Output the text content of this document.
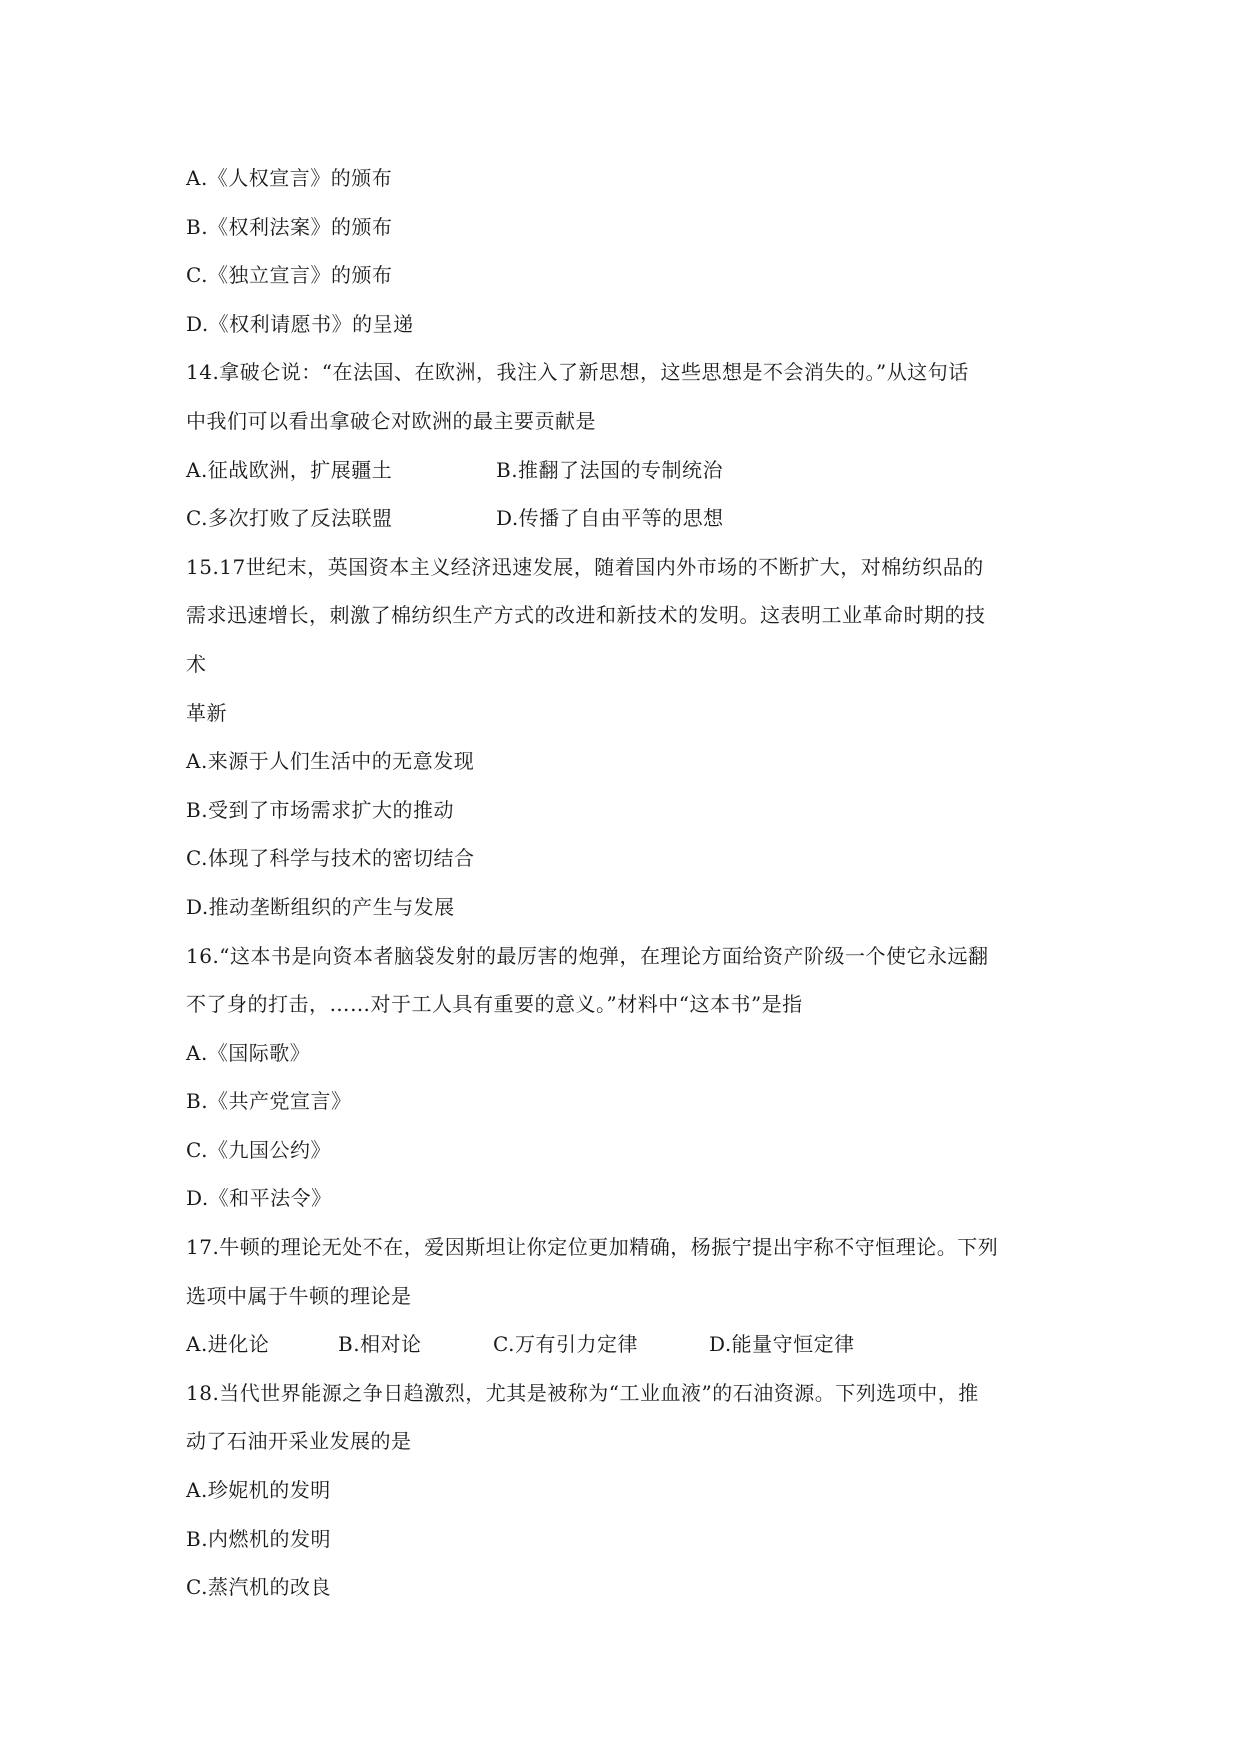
A.《人权宣言》的颁布
B.《权利法案》的颁布
C.《独立宣言》的颁布
D.《权利请愿书》的呈递
14.拿破仑说：“在法国、在欧洲，我注入了新思想，这些思想是不会消失的。”从这句话
中我们可以看出拿破仑对欧洲的最主要贡献是
A.征战欧洲，扩展疆土	B.推翻了法国的专制统治
C.多次打败了反法联盟	D.传播了自由平等的思想
15.17世纪末，英国资本主义经济迅速发展，随着国内外市场的不断扩大，对棉纺织品的
需求迅速增长，刺激了棉纺织生产方式的改进和新技术的发明。这表明工业革命时期的技
术
革新
A.来源于人们生活中的无意发现
B.受到了市场需求扩大的推动
C.体现了科学与技术的密切结合
D.推动垄断组织的产生与发展
16.“这本书是向资本者脑袋发射的最厉害的炮弹，在理论方面给资产阶级一个使它永远翻
不了身的打击，……对于工人具有重要的意义。”材料中“这本书”是指
A.《国际歌》
B.《共产党宣言》
C.《九国公约》
D.《和平法令》
17.牛顿的理论无处不在，爱因斯坦让你定位更加精确，杨振宁提出宇称不守恒理论。下列
选项中属于牛顿的理论是
A.进化论	B.相对论	C.万有引力定律	D.能量守恒定律
18.当代世界能源之争日趋激烈，尤其是被称为“工业血液”的石油资源。下列选项中，推
动了石油开采业发展的是
A.珍妮机的发明
B.内燃机的发明
C.蒸汽机的改良
